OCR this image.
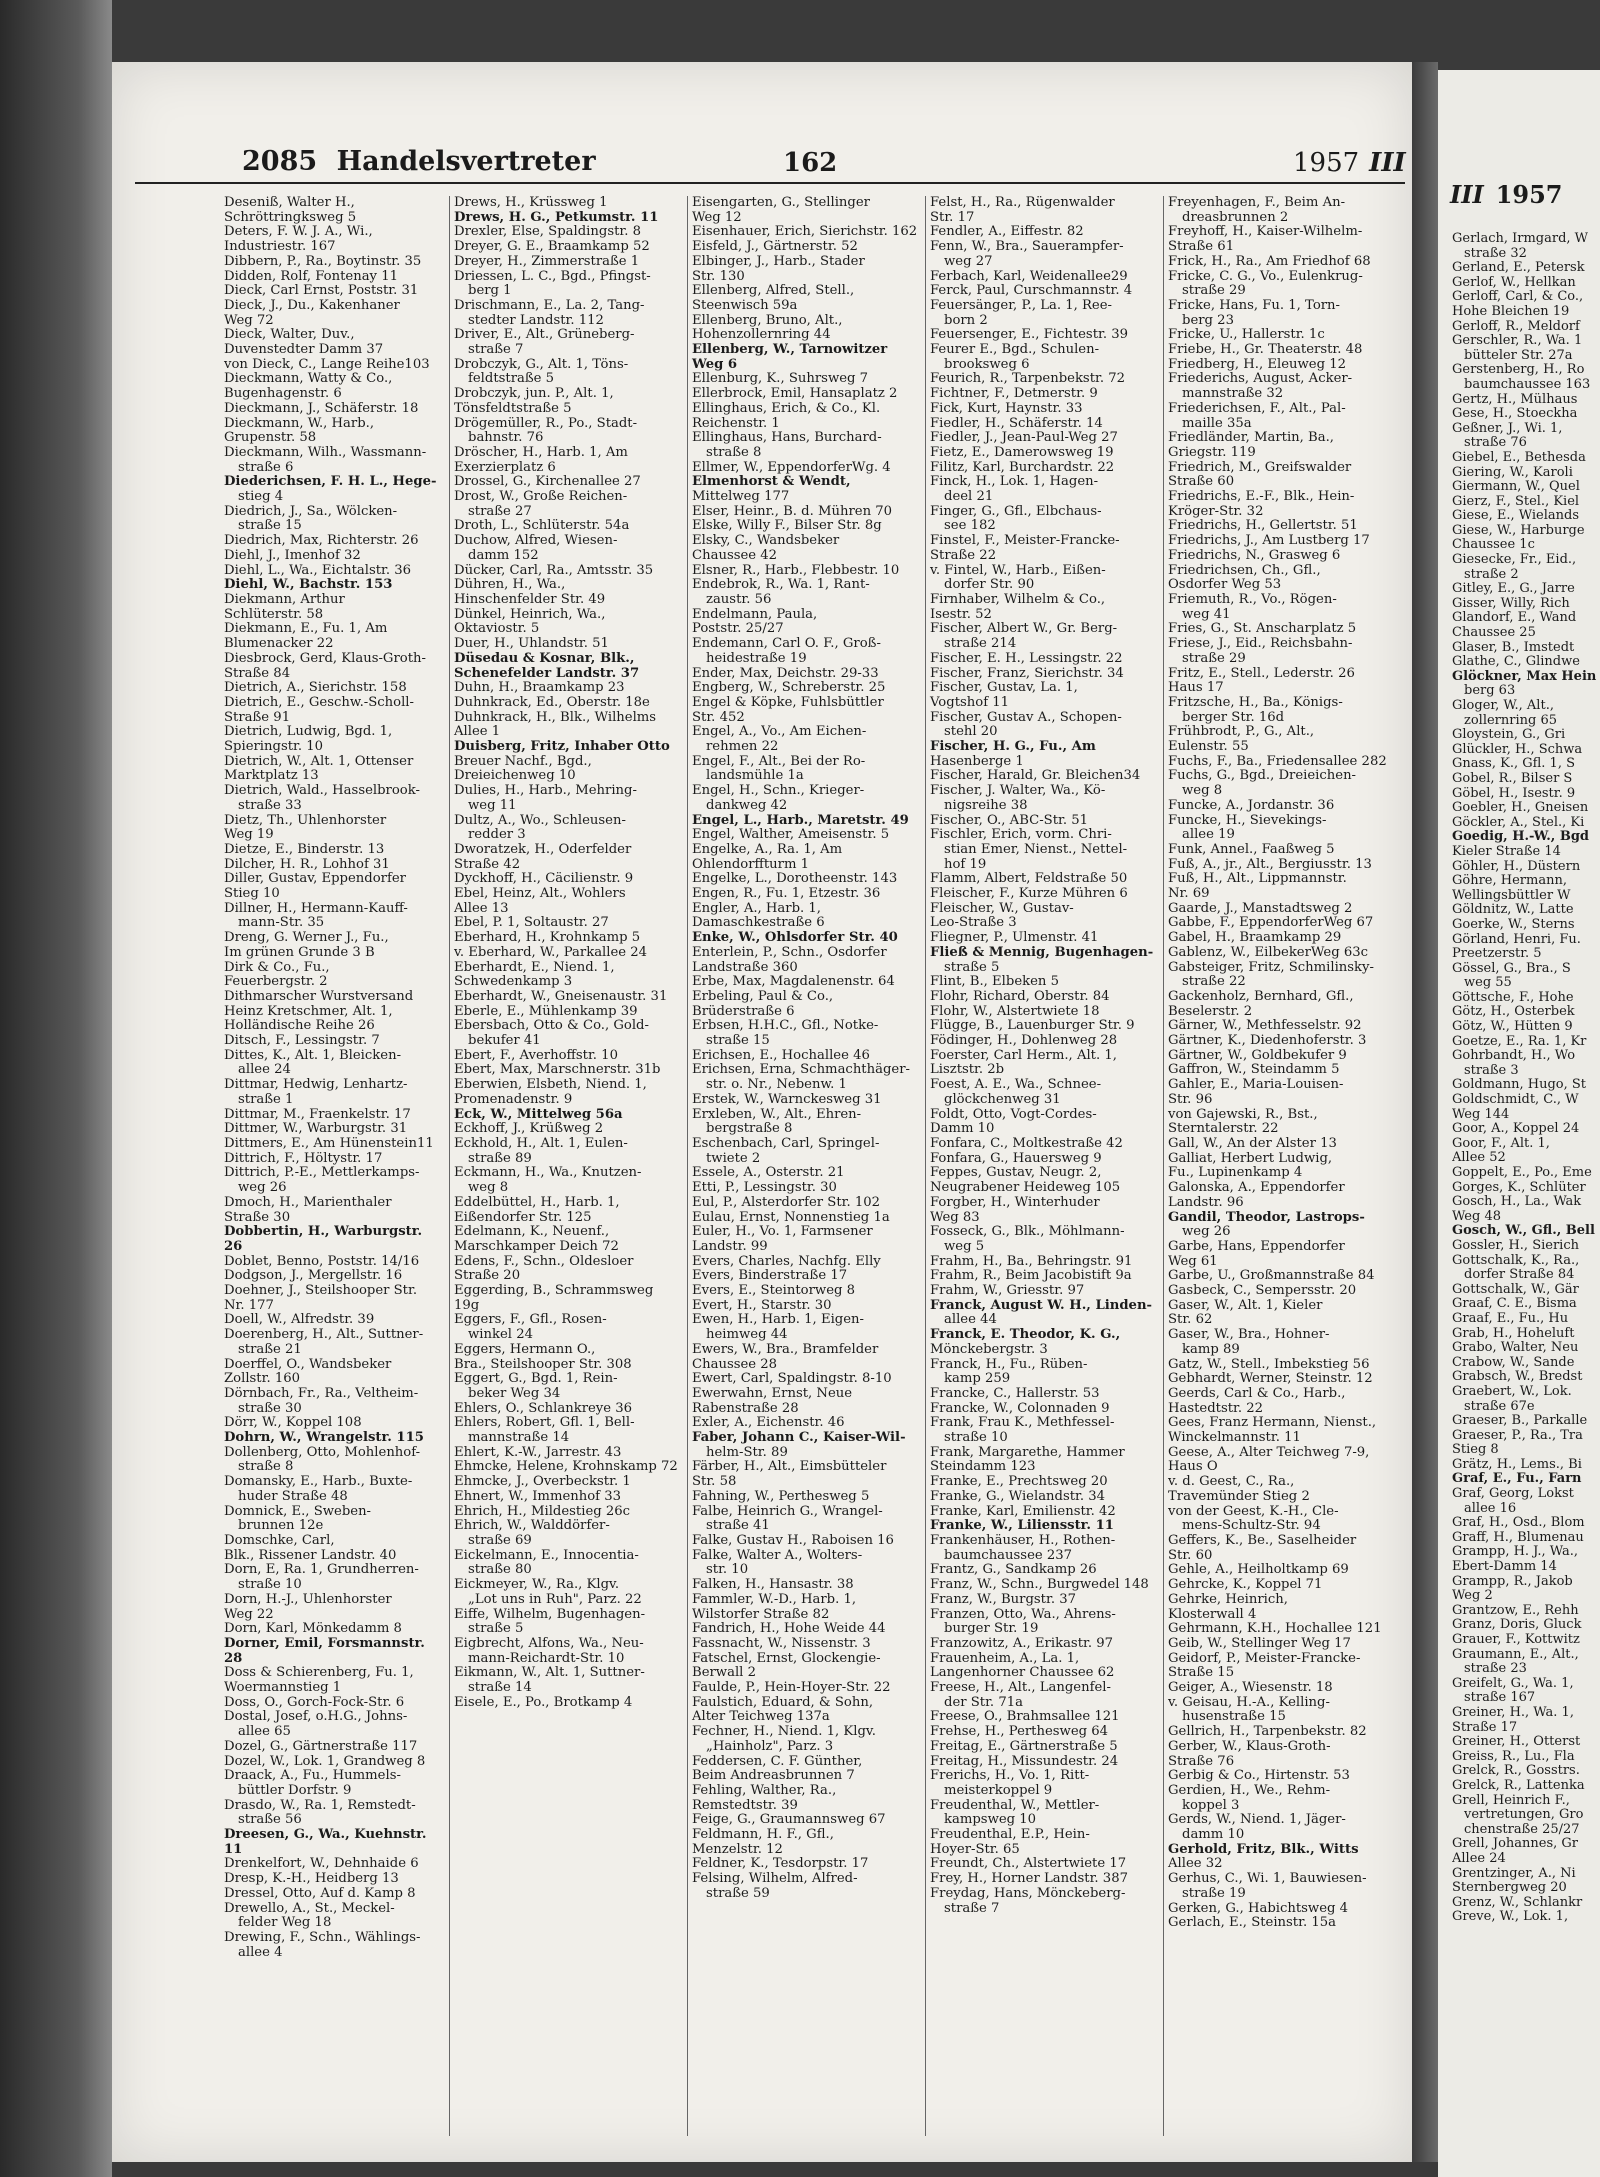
2085 Handelsvertreter	162	1957 III
III 1957
Deseniß, Walter H.,
Schröttringksweg 5
Deters, F. W. J. A., Wi.,
Industriestr. 167
Dibbern, P., Ra., Boytinstr. 35
Didden, Rolf, Fontenay 11
Dieck, Carl Ernst, Poststr. 31
Dieck, J., Du., Kakenhaner
Weg 72
Dieck, Walter, Duv.,
Duvenstedter Damm 37
von Dieck, C., Lange Reihe103
Dieckmann, Watty & Co.,
Bugenhagenstr. 6
Dieckmann, J., Schäferstr. 18
Dieckmann, W., Harb.,
Grupenstr. 58
Dieckmann, Wilh., Wassmann-
straße 6
Diederichsen, F. H. L., Hege-
stieg 4
Diedrich, J., Sa., Wölcken-
straße 15
Diedrich, Max, Richterstr. 26
Diehl, J., Imenhof 32
Diehl, L., Wa., Eichtalstr. 36
Diehl, W., Bachstr. 153
Diekmann, Arthur
Schlüterstr. 58
Diekmann, E., Fu. 1, Am
Blumenacker 22
Diesbrock, Gerd, Klaus-Groth-
Straße 84
Dietrich, A., Sierichstr. 158
Dietrich, E., Geschw.-Scholl-
Straße 91
Dietrich, Ludwig, Bgd. 1,
Spieringstr. 10
Dietrich, W., Alt. 1, Ottenser
Marktplatz 13
Dietrich, Wald., Hasselbrook-
straße 33
Dietz, Th., Uhlenhorster
Weg 19
Dietze, E., Binderstr. 13
Dilcher, H. R., Lohhof 31
Diller, Gustav, Eppendorfer
Stieg 10
Dillner, H., Hermann-Kauff-
mann-Str. 35
Dreng, G. Werner J., Fu.,
Im grünen Grunde 3 B
Dirk & Co., Fu.,
Feuerbergstr. 2
Dithmarscher Wurstversand
Heinz Kretschmer, Alt. 1,
Holländische Reihe 26
Ditsch, F., Lessingstr. 7
Dittes, K., Alt. 1, Bleicken-
allee 24
Dittmar, Hedwig, Lenhartz-
straße 1
Dittmar, M., Fraenkelstr. 17
Dittmer, W., Warburgstr. 31
Dittmers, E., Am Hünenstein11
Dittrich, F., Höltystr. 17
Dittrich, P.-E., Mettlerkamps-
weg 26
Dmoch, H., Marienthaler
Straße 30
Dobbertin, H., Warburgstr. 26
Doblet, Benno, Poststr. 14/16
Dodgson, J., Mergellstr. 16
Doehner, J., Steilshooper Str.
Nr. 177
Doell, W., Alfredstr. 39
Doerenberg, H., Alt., Suttner-
straße 21
Doerffel, O., Wandsbeker
Zollstr. 160
Dörnbach, Fr., Ra., Veltheim-
straße 30
Dörr, W., Koppel 108
Dohrn, W., Wrangelstr. 115
Dollenberg, Otto, Mohlenhof-
straße 8
Domansky, E., Harb., Buxte-
huder Straße 48
Domnick, E., Sweben-
brunnen 12e
Domschke, Carl,
Blk., Rissener Landstr. 40
Dorn, E, Ra. 1, Grundherren-
straße 10
Dorn, H.-J., Uhlenhorster
Weg 22
Dorn, Karl, Mönkedamm 8
Dorner, Emil, Forsmannstr. 28
Doss & Schierenberg, Fu. 1,
Woermannstieg 1
Doss, O., Gorch-Fock-Str. 6
Dostal, Josef, o.H.G., Johns-
allee 65
Dozel, G., Gärtnerstraße 117
Dozel, W., Lok. 1, Grandweg 8
Draack, A., Fu., Hummels-
büttler Dorfstr. 9
Drasdo, W., Ra. 1, Remstedt-
straße 56
Dreesen, G., Wa., Kuehnstr. 11
Drenkelfort, W., Dehnhaide 6
Dresp, K.-H., Heidberg 13
Dressel, Otto, Auf d. Kamp 8
Drewello, A., St., Meckel-
felder Weg 18
Drewing, F., Schn., Wählings-
allee 4
Drews, H., Krüssweg 1
Drews, H. G., Petkumstr. 11
Drexler, Else, Spaldingstr. 8
Dreyer, G. E., Braamkamp 52
Dreyer, H., Zimmerstraße 1
Driessen, L. C., Bgd., Pfingst-
berg 1
Drischmann, E., La. 2, Tang-
stedter Landstr. 112
Driver, E., Alt., Grüneberg-
straße 7
Drobczyk, G., Alt. 1, Töns-
feldtstraße 5
Drobczyk, jun. P., Alt. 1,
Tönsfeldtstraße 5
Drögemüller, R., Po., Stadt-
bahnstr. 76
Dröscher, H., Harb. 1, Am
Exerzierplatz 6
Drossel, G., Kirchenallee 27
Drost, W., Große Reichen-
straße 27
Droth, L., Schlüterstr. 54a
Duchow, Alfred, Wiesen-
damm 152
Dücker, Carl, Ra., Amtsstr. 35
Dühren, H., Wa.,
Hinschenfelder Str. 49
Dünkel, Heinrich, Wa.,
Oktaviostr. 5
Duer, H., Uhlandstr. 51
Düsedau & Kosnar, Blk.,
Schenefelder Landstr. 37
Duhn, H., Braamkamp 23
Duhnkrack, Ed., Oberstr. 18e
Duhnkrack, H., Blk., Wilhelms
Allee 1
Duisberg, Fritz, Inhaber Otto
Breuer Nachf., Bgd.,
Dreieichenweg 10
Dulies, H., Harb., Mehring-
weg 11
Dultz, A., Wo., Schleusen-
redder 3
Dworatzek, H., Oderfelder
Straße 42
Dyckhoff, H., Cäcilienstr. 9
Ebel, Heinz, Alt., Wohlers
Allee 13
Ebel, P. 1, Soltaustr. 27
Eberhard, H., Krohnkamp 5
v. Eberhard, W., Parkallee 24
Eberhardt, E., Niend. 1,
Schwedenkamp 3
Eberhardt, W., Gneisenaustr. 31
Eberle, E., Mühlenkamp 39
Ebersbach, Otto & Co., Gold-
bekufer 41
Ebert, F., Averhoffstr. 10
Ebert, Max, Marschnerstr. 31b
Eberwien, Elsbeth, Niend. 1,
Promenadenstr. 9
Eck, W., Mittelweg 56a
Eckhoff, J., Krüßweg 2
Eckhold, H., Alt. 1, Eulen-
straße 89
Eckmann, H., Wa., Knutzen-
weg 8
Eddelbüttel, H., Harb. 1,
Eißendorfer Str. 125
Edelmann, K., Neuenf.,
Marschkamper Deich 72
Edens, F., Schn., Oldesloer
Straße 20
Eggerding, B., Schrammsweg 19g
Eggers, F., Gfl., Rosen-
winkel 24
Eggers, Hermann O.,
Bra., Steilshooper Str. 308
Eggert, G., Bgd. 1, Rein-
beker Weg 34
Ehlers, O., Schlankreye 36
Ehlers, Robert, Gfl. 1, Bell-
mannstraße 14
Ehlert, K.-W., Jarrestr. 43
Ehmcke, Helene, Krohnskamp 72
Ehmcke, J., Overbeckstr. 1
Ehnert, W., Immenhof 33
Ehrich, H., Mildestieg 26c
Ehrich, W., Walddörfer-
straße 69
Eickelmann, E., Innocentia-
straße 80
Eickmeyer, W., Ra., Klgv.
„Lot uns in Ruh", Parz. 22
Eiffe, Wilhelm, Bugenhagen-
straße 5
Eigbrecht, Alfons, Wa., Neu-
mann-Reichardt-Str. 10
Eikmann, W., Alt. 1, Suttner-
straße 14
Eisele, E., Po., Brotkamp 4
Eisengarten, G., Stellinger
Weg 12
Eisenhauer, Erich, Sierichstr. 162
Eisfeld, J., Gärtnerstr. 52
Elbinger, J., Harb., Stader
Str. 130
Ellenberg, Alfred, Stell.,
Steenwisch 59a
Ellenberg, Bruno, Alt.,
Hohenzollernring 44
Ellenberg, W., Tarnowitzer
Weg 6
Ellenburg, K., Suhrsweg 7
Ellerbrock, Emil, Hansaplatz 2
Ellinghaus, Erich, & Co., Kl.
Reichenstr. 1
Ellinghaus, Hans, Burchard-
straße 8
Ellmer, W., EppendorferWg. 4
Elmenhorst & Wendt,
Mittelweg 177
Elser, Heinr., B. d. Mühren 70
Elske, Willy F., Bilser Str. 8g
Elsky, C., Wandsbeker
Chaussee 42
Elsner, R., Harb., Flebbestr. 10
Endebrok, R., Wa. 1, Rant-
zaustr. 56
Endelmann, Paula,
Poststr. 25/27
Endemann, Carl O. F., Groß-
heidestraße 19
Ender, Max, Deichstr. 29-33
Engberg, W., Schreberstr. 25
Engel & Köpke, Fuhlsbüttler
Str. 452
Engel, A., Vo., Am Eichen-
rehmen 22
Engel, F., Alt., Bei der Ro-
landsmühle 1a
Engel, H., Schn., Krieger-
dankweg 42
Engel, L., Harb., Maretstr. 49
Engel, Walther, Ameisenstr. 5
Engelke, A., Ra. 1, Am
Ohlendorffturm 1
Engelke, L., Dorotheenstr. 143
Engen, R., Fu. 1, Etzestr. 36
Engler, A., Harb. 1,
Damaschkestraße 6
Enke, W., Ohlsdorfer Str. 40
Enterlein, P., Schn., Osdorfer
Landstraße 360
Erbe, Max, Magdalenenstr. 64
Erbeling, Paul & Co.,
Brüderstraße 6
Erbsen, H.H.C., Gfl., Notke-
straße 15
Erichsen, E., Hochallee 46
Erichsen, Erna, Schmachthäger-
str. o. Nr., Nebenw. 1
Erstek, W., Warnckesweg 31
Erxleben, W., Alt., Ehren-
bergstraße 8
Eschenbach, Carl, Springel-
twiete 2
Essele, A., Osterstr. 21
Etti, P., Lessingstr. 30
Eul, P., Alsterdorfer Str. 102
Eulau, Ernst, Nonnenstieg 1a
Euler, H., Vo. 1, Farmsener
Landstr. 99
Evers, Charles, Nachfg. Elly
Evers, Binderstraße 17
Evers, E., Steintorweg 8
Evert, H., Starstr. 30
Ewen, H., Harb. 1, Eigen-
heimweg 44
Ewers, W., Bra., Bramfelder
Chaussee 28
Ewert, Carl, Spaldingstr. 8-10
Ewerwahn, Ernst, Neue
Rabenstraße 28
Exler, A., Eichenstr. 46
Faber, Johann C., Kaiser-Wil-
helm-Str. 89
Färber, H., Alt., Eimsbütteler
Str. 58
Fahning, W., Perthesweg 5
Falbe, Heinrich G., Wrangel-
straße 41
Falke, Gustav H., Raboisen 16
Falke, Walter A., Wolters-
str. 10
Falken, H., Hansastr. 38
Fammler, W.-D., Harb. 1,
Wilstorfer Straße 82
Fandrich, H., Hohe Weide 44
Fassnacht, W., Nissenstr. 3
Fatschel, Ernst, Glockengie-
Berwall 2
Faulde, P., Hein-Hoyer-Str. 22
Faulstich, Eduard, & Sohn,
Alter Teichweg 137a
Fechner, H., Niend. 1, Klgv.
„Hainholz", Parz. 3
Feddersen, C. F. Günther,
Beim Andreasbrunnen 7
Fehling, Walther, Ra.,
Remstedtstr. 39
Feige, G., Graumannsweg 67
Feldmann, H. F., Gfl.,
Menzelstr. 12
Feldner, K., Tesdorpstr. 17
Felsing, Wilhelm, Alfred-
straße 59
Felst, H., Ra., Rügenwalder
Str. 17
Fendler, A., Eiffestr. 82
Fenn, W., Bra., Sauerampfer-
weg 27
Ferbach, Karl, Weidenallee29
Ferck, Paul, Curschmannstr. 4
Feuersänger, P., La. 1, Ree-
born 2
Feuersenger, E., Fichtestr. 39
Feurer E., Bgd., Schulen-
brooksweg 6
Feurich, R., Tarpenbekstr. 72
Fichtner, F., Detmerstr. 9
Fick, Kurt, Haynstr. 33
Fiedler, H., Schäferstr. 14
Fiedler, J., Jean-Paul-Weg 27
Fietz, E., Damerowsweg 19
Filitz, Karl, Burchardstr. 22
Finck, H., Lok. 1, Hagen-
deel 21
Finger, G., Gfl., Elbchaus-
see 182
Finstel, F., Meister-Francke-
Straße 22
v. Fintel, W., Harb., Eißen-
dorfer Str. 90
Firnhaber, Wilhelm & Co.,
Isestr. 52
Fischer, Albert W., Gr. Berg-
straße 214
Fischer, E. H., Lessingstr. 22
Fischer, Franz, Sierichstr. 34
Fischer, Gustav, La. 1,
Vogtshof 11
Fischer, Gustav A., Schopen-
stehl 20
Fischer, H. G., Fu., Am
Hasenberge 1
Fischer, Harald, Gr. Bleichen34
Fischer, J. Walter, Wa., Kö-
nigsreihe 38
Fischer, O., ABC-Str. 51
Fischler, Erich, vorm. Chri-
stian Emer, Nienst., Nettel-
hof 19
Flamm, Albert, Feldstraße 50
Fleischer, F., Kurze Mühren 6
Fleischer, W., Gustav-
Leo-Straße 3
Fliegner, P., Ulmenstr. 41
Fließ & Mennig, Bugenhagen-
straße 5
Flint, B., Elbeken 5
Flohr, Richard, Oberstr. 84
Flohr, W., Alstertwiete 18
Flügge, B., Lauenburger Str. 9
Födinger, H., Dohlenweg 28
Foerster, Carl Herm., Alt. 1,
Lisztstr. 2b
Foest, A. E., Wa., Schnee-
glöckchenweg 31
Foldt, Otto, Vogt-Cordes-
Damm 10
Fonfara, C., Moltkestraße 42
Fonfara, G., Hauersweg 9
Feppes, Gustav, Neugr. 2,
Neugrabener Heideweg 105
Forgber, H., Winterhuder
Weg 83
Fosseck, G., Blk., Möhlmann-
weg 5
Frahm, H., Ba., Behringstr. 91
Frahm, R., Beim Jacobistift 9a
Frahm, W., Griesstr. 97
Franck, August W. H., Linden-
allee 44
Franck, E. Theodor, K. G.,
Mönckebergstr. 3
Franck, H., Fu., Rüben-
kamp 259
Francke, C., Hallerstr. 53
Francke, W., Colonnaden 9
Frank, Frau K., Methfessel-
straße 10
Frank, Margarethe, Hammer
Steindamm 123
Franke, E., Prechtsweg 20
Franke, G., Wielandstr. 34
Franke, Karl, Emilienstr. 42
Franke, W., Liliensstr. 11
Frankenhäuser, H., Rothen-
baumchaussee 237
Frantz, G., Sandkamp 26
Franz, W., Schn., Burgwedel 148
Franz, W., Burgstr. 37
Franzen, Otto, Wa., Ahrens-
burger Str. 19
Franzowitz, A., Erikastr. 97
Frauenheim, A., La. 1,
Langenhorner Chaussee 62
Freese, H., Alt., Langenfel-
der Str. 71a
Freese, O., Brahmsallee 121
Frehse, H., Perthesweg 64
Freitag, E., Gärtnerstraße 5
Freitag, H., Missundestr. 24
Frerichs, H., Vo. 1, Ritt-
meisterkoppel 9
Freudenthal, W., Mettler-
kampsweg 10
Freudenthal, E.P., Hein-
Hoyer-Str. 65
Freundt, Ch., Alstertwiete 17
Frey, H., Horner Landstr. 387
Freydag, Hans, Mönckeberg-
straße 7
Freyenhagen, F., Beim An-
dreasbrunnen 2
Freyhoff, H., Kaiser-Wilhelm-
Straße 61
Frick, H., Ra., Am Friedhof 68
Fricke, C. G., Vo., Eulenkrug-
straße 29
Fricke, Hans, Fu. 1, Torn-
berg 23
Fricke, U., Hallerstr. 1c
Friebe, H., Gr. Theaterstr. 48
Friedberg, H., Eleuweg 12
Friederichs, August, Acker-
mannstraße 32
Friederichsen, F., Alt., Pal-
maille 35a
Friedländer, Martin, Ba.,
Griegstr. 119
Friedrich, M., Greifswalder
Straße 60
Friedrichs, E.-F., Blk., Hein-
Kröger-Str. 32
Friedrichs, H., Gellertstr. 51
Friedrichs, J., Am Lustberg 17
Friedrichs, N., Grasweg 6
Friedrichsen, Ch., Gfl.,
Osdorfer Weg 53
Friemuth, R., Vo., Rögen-
weg 41
Fries, G., St. Anscharplatz 5
Friese, J., Eid., Reichsbahn-
straße 29
Fritz, E., Stell., Lederstr. 26
Haus 17
Fritzsche, H., Ba., Königs-
berger Str. 16d
Frühbrodt, P., G., Alt.,
Eulenstr. 55
Fuchs, F., Ba., Friedensallee 282
Fuchs, G., Bgd., Dreieichen-
weg 8
Funcke, A., Jordanstr. 36
Funcke, H., Sievekings-
allee 19
Funk, Annel., Faaßweg 5
Fuß, A., jr., Alt., Bergiusstr. 13
Fuß, H., Alt., Lippmannstr.
Nr. 69
Gaarde, J., Manstadtsweg 2
Gabbe, F., EppendorferWeg 67
Gabel, H., Braamkamp 29
Gablenz, W., EilbekerWeg 63c
Gabsteiger, Fritz, Schmilinsky-
straße 22
Gackenholz, Bernhard, Gfl.,
Beselerstr. 2
Gärner, W., Methfesselstr. 92
Gärtner, K., Diedenhoferstr. 3
Gärtner, W., Goldbekufer 9
Gaffron, W., Steindamm 5
Gahler, E., Maria-Louisen-
Str. 96
von Gajewski, R., Bst.,
Sterntalerstr. 22
Gall, W., An der Alster 13
Galliat, Herbert Ludwig,
Fu., Lupinenkamp 4
Galonska, A., Eppendorfer
Landstr. 96
Gandil, Theodor, Lastrops-
weg 26
Garbe, Hans, Eppendorfer
Weg 61
Garbe, U., Großmannstraße 84
Gasbeck, C., Sempersstr. 20
Gaser, W., Alt. 1, Kieler
Str. 62
Gaser, W., Bra., Hohner-
kamp 89
Gatz, W., Stell., Imbekstieg 56
Gebhardt, Werner, Steinstr. 12
Geerds, Carl & Co., Harb.,
Hastedtstr. 22
Gees, Franz Hermann, Nienst.,
Winckelmannstr. 11
Geese, A., Alter Teichweg 7-9,
Haus O
v. d. Geest, C., Ra.,
Travemünder Stieg 2
von der Geest, K.-H., Cle-
mens-Schultz-Str. 94
Geffers, K., Be., Saselheider
Str. 60
Gehle, A., Heilholtkamp 69
Gehrcke, K., Koppel 71
Gehrke, Heinrich,
Klosterwall 4
Gehrmann, K.H., Hochallee 121
Geib, W., Stellinger Weg 17
Geidorf, P., Meister-Francke-
Straße 15
Geiger, A., Wiesenstr. 18
v. Geisau, H.-A., Kelling-
husenstraße 15
Gellrich, H., Tarpenbekstr. 82
Gerber, W., Klaus-Groth-
Straße 76
Gerbig & Co., Hirtenstr. 53
Gerdien, H., We., Rehm-
koppel 3
Gerds, W., Niend. 1, Jäger-
damm 10
Gerhold, Fritz, Blk., Witts
Allee 32
Gerhus, C., Wi. 1, Bauwiesen-
straße 19
Gerken, G., Habichtsweg 4
Gerlach, E., Steinstr. 15a
Gerlach, Irmgard, W
straße 32
Gerland, E., Petersk
Gerlof, W., Hellkan
Gerloff, Carl, & Co.,
Hohe Bleichen 19
Gerloff, R., Meldorf
Gerschler, R., Wa. 1
bütteler Str. 27a
Gerstenberg, H., Ro
baumchaussee 163
Gertz, H., Mülhaus
Gese, H., Stoeckha
Geßner, J., Wi. 1,
straße 76
Giebel, E., Bethesda
Giering, W., Karoli
Giermann, W., Quel
Gierz, F., Stel., Kiel
Giese, E., Wielands
Giese, W., Harburge
Chaussee 1c
Giesecke, Fr., Eid.,
straße 2
Gitley, E., G., Jarre
Gisser, Willy, Rich
Glandorf, E., Wand
Chaussee 25
Glaser, B., Imstedt
Glathe, C., Glindwe
Glöckner, Max Hein
berg 63
Gloger, W., Alt.,
zollernring 65
Gloystein, G., Gri
Glückler, H., Schwa
Gnass, K., Gfl. 1, S
Gobel, R., Bilser S
Göbel, H., Isestr. 9
Goebler, H., Gneisen
Göckler, A., Stel., Ki
Goedig, H.-W., Bgd
Kieler Straße 14
Göhler, H., Düstern
Göhre, Hermann,
Wellingsbüttler W
Göldnitz, W., Latte
Goerke, W., Sterns
Görland, Henri, Fu.
Preetzerstr. 5
Gössel, G., Bra., S
weg 55
Göttsche, F., Hohe
Götz, H., Osterbek
Götz, W., Hütten 9
Goetze, E., Ra. 1, Kr
Gohrbandt, H., Wo
straße 3
Goldmann, Hugo, St
Goldschmidt, C., W
Weg 144
Goor, A., Koppel 24
Goor, F., Alt. 1,
Allee 52
Goppelt, E., Po., Eme
Gorges, K., Schlüter
Gosch, H., La., Wak
Weg 48
Gosch, W., Gfl., Bell
Gossler, H., Sierich
Gottschalk, K., Ra.,
dorfer Straße 84
Gottschalk, W., Gär
Graaf, C. E., Bisma
Graaf, E., Fu., Hu
Grab, H., Hoheluft
Grabo, Walter, Neu
Crabow, W., Sande
Grabsch, W., Bredst
Graebert, W., Lok.
straße 67e
Graeser, B., Parkalle
Graeser, P., Ra., Tra
Stieg 8
Grätz, H., Lems., Bi
Graf, E., Fu., Farn
Graf, Georg, Lokst
allee 16
Graf, H., Osd., Blom
Graff, H., Blumenau
Grampp, H. J., Wa.,
Ebert-Damm 14
Grampp, R., Jakob
Weg 2
Grantzow, E., Rehh
Granz, Doris, Gluck
Grauer, F., Kottwitz
Graumann, E., Alt.,
straße 23
Greifelt, G., Wa. 1,
straße 167
Greiner, H., Wa. 1,
Straße 17
Greiner, H., Otterst
Greiss, R., Lu., Fla
Grelck, R., Gosstrs.
Grelck, R., Lattenka
Grell, Heinrich F.,
vertretungen, Gro
chenstraße 25/27
Grell, Johannes, Gr
Allee 24
Grentzinger, A., Ni
Sternbergweg 20
Grenz, W., Schlankr
Greve, W., Lok. 1,
